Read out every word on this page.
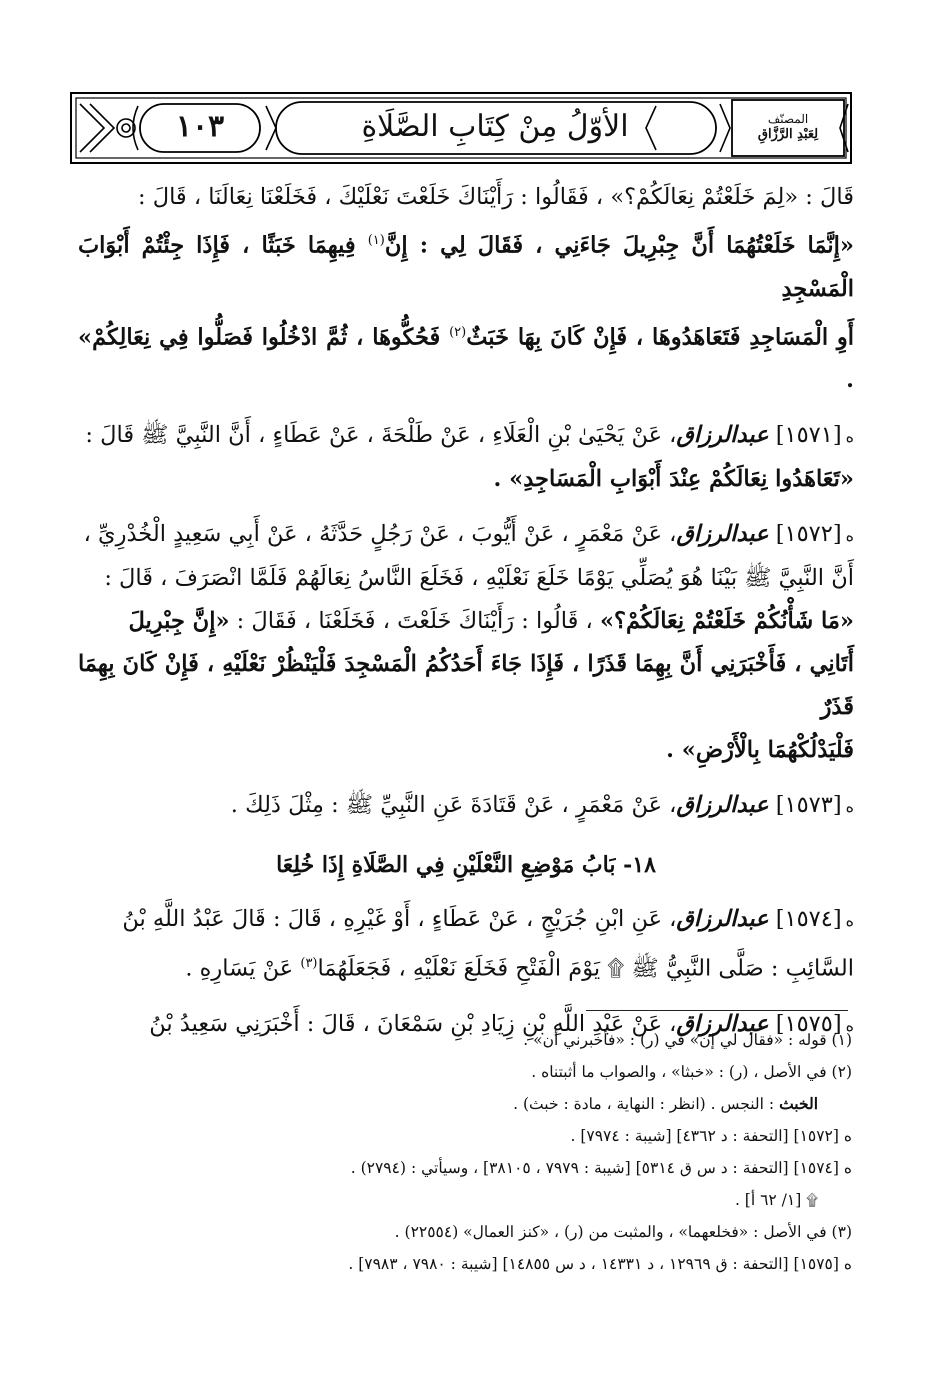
١٠٣	الأوّلُ مِنْ كِتَابِ الصَّلَاةِ	المصنّف
لِعَبْدِ الرَّزَّاقِ

قَالَ : «لِمَ خَلَعْتُمْ نِعَالَكُمْ؟» ، فَقَالُوا : رَأَيْنَاكَ خَلَعْتَ نَعْلَيْكَ ، فَخَلَعْنَا نِعَالَنَا ، قَالَ :
«إِنَّمَا خَلَعْتُهُمَا أَنَّ جِبْرِيلَ جَاءَنِي ، فَقَالَ لِي : إِنَّ$^{(١)}$ فِيهِمَا خَبَثًا ، فَإِذَا جِئْتُمْ أَبْوَابَ الْمَسْجِدِ
أَوِ الْمَسَاجِدِ فَتَعَاهَدُوهَا ، فَإِنْ كَانَ بِهَا خَبَثٌ$^{(٢)}$ فَحُكُّوهَا ، ثُمَّ ادْخُلُوا فَصَلُّوا فِي نِعَالِكُمْ» .

ه[١٥٧١] عبدالرزاق، عَنْ يَحْيَىٰ بْنِ الْعَلَاءِ ، عَنْ طَلْحَةَ ، عَنْ عَطَاءٍ ، أَنَّ النَّبِيَّ ﷺ قَالَ :
«تَعَاهَدُوا نِعَالَكُمْ عِنْدَ أَبْوَابِ الْمَسَاجِدِ» .

ه[١٥٧٢] عبدالرزاق، عَنْ مَعْمَرٍ ، عَنْ أَيُّوبَ ، عَنْ رَجُلٍ حَدَّثَهُ ، عَنْ أَبِي سَعِيدٍ الْخُدْرِيِّ ،
أَنَّ النَّبِيَّ ﷺ بَيْنَا هُوَ يُصَلِّي يَوْمًا خَلَعَ نَعْلَيْهِ ، فَخَلَعَ النَّاسُ نِعَالَهُمْ فَلَمَّا انْصَرَفَ ، قَالَ :
«مَا شَأْنُكُمْ خَلَعْتُمْ نِعَالَكُمْ؟» ، قَالُوا : رَأَيْنَاكَ خَلَعْتَ ، فَخَلَعْنَا ، فَقَالَ : «إِنَّ جِبْرِيلَ
أَتَانِي ، فَأَخْبَرَنِي أَنَّ بِهِمَا قَذَرًا ، فَإِذَا جَاءَ أَحَدُكُمُ الْمَسْجِدَ فَلْيَنْظُرْ نَعْلَيْهِ ، فَإِنْ كَانَ بِهِمَا قَذَرٌ
فَلْيَدْلُكْهُمَا بِالْأَرْضِ» .

ه[١٥٧٣] عبدالرزاق، عَنْ مَعْمَرٍ ، عَنْ قَتَادَةَ عَنِ النَّبِيِّ ﷺ : مِثْلَ ذَلِكَ .

١٨- بَابُ مَوْضِعِ النَّعْلَيْنِ فِي الصَّلَاةِ إِذَا خُلِعَا

ه[١٥٧٤] عبدالرزاق، عَنِ ابْنِ جُرَيْجٍ ، عَنْ عَطَاءٍ ، أَوْ غَيْرِهِ ، قَالَ : قَالَ عَبْدُ اللَّهِ بْنُ
السَّائِبِ : صَلَّى النَّبِيُّ ﷺ ۩ يَوْمَ الْفَتْحِ فَخَلَعَ نَعْلَيْهِ ، فَجَعَلَهُمَا$^{(٣)}$ عَنْ يَسَارِهِ .

ه[١٥٧٥] عبدالرزاق، عَنْ عَبْدِ اللَّهِ بْنِ زِيَادِ بْنِ سَمْعَانَ ، قَالَ : أَخْبَرَنِي سَعِيدُ بْنُ

(١) قوله : «فقال لي إن» في (ر) : «فأخبرني أن» .
(٢) في الأصل ، (ر) : «خبثا» ، والصواب ما أثبتناه .
الخبث : النجس . (انظر : النهاية ، مادة : خبث) .
ه [١٥٧٢] [التحفة : د ٤٣٦٢] [شيبة : ٧٩٧٤] .
ه [١٥٧٤] [التحفة : د س ق ٥٣١٤] [شيبة : ٧٩٧٩ ، ٣٨١٠٥] ، وسيأتي : (٢٧٩٤) .
۩ [١/ ٦٢ أ] .
(٣) في الأصل : «فخلعهما» ، والمثبت من (ر) ، «كنز العمال» (٢٢٥٥٤) .
ه [١٥٧٥] [التحفة : ق ١٢٩٦٩ ، د ١٤٣٣١ ، د س ١٤٨٥٥] [شيبة : ٧٩٨٠ ، ٧٩٨٣] .
